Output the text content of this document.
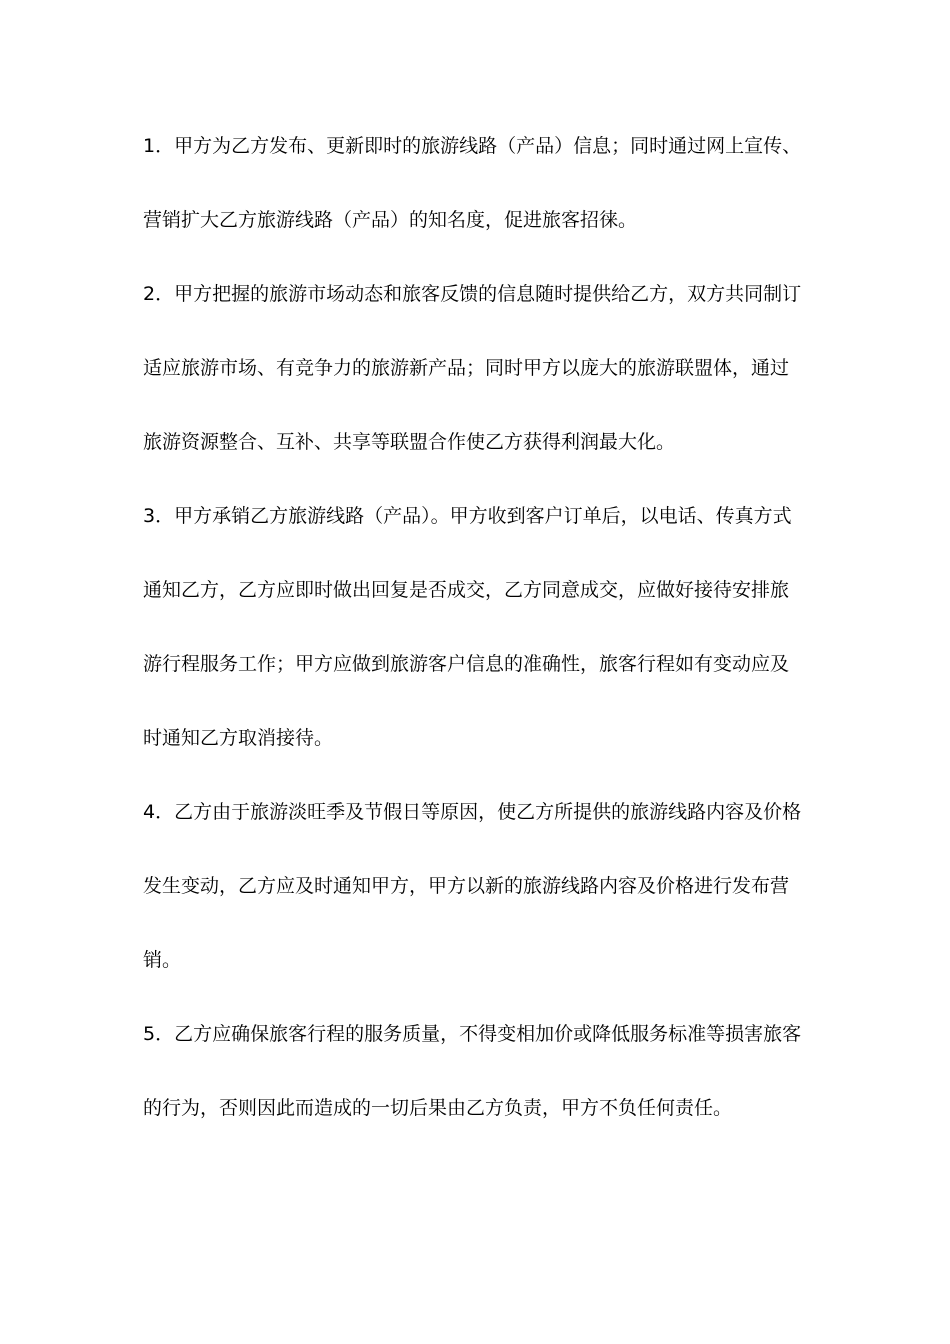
1．甲方为乙方发布、更新即时的旅游线路（产品）信息；同时通过网上宣传、
营销扩大乙方旅游线路（产品）的知名度，促进旅客招徕。
2．甲方把握的旅游市场动态和旅客反馈的信息随时提供给乙方，双方共同制订
适应旅游市场、有竞争力的旅游新产品；同时甲方以庞大的旅游联盟体，通过
旅游资源整合、互补、共享等联盟合作使乙方获得利润最大化。
3．甲方承销乙方旅游线路（产品）。甲方收到客户订单后，以电话、传真方式
通知乙方，乙方应即时做出回复是否成交，乙方同意成交，应做好接待安排旅
游行程服务工作；甲方应做到旅游客户信息的准确性，旅客行程如有变动应及
时通知乙方取消接待。
4．乙方由于旅游淡旺季及节假日等原因，使乙方所提供的旅游线路内容及价格
发生变动，乙方应及时通知甲方，甲方以新的旅游线路内容及价格进行发布营
销。
5．乙方应确保旅客行程的服务质量，不得变相加价或降低服务标准等损害旅客
的行为，否则因此而造成的一切后果由乙方负责，甲方不负任何责任。
